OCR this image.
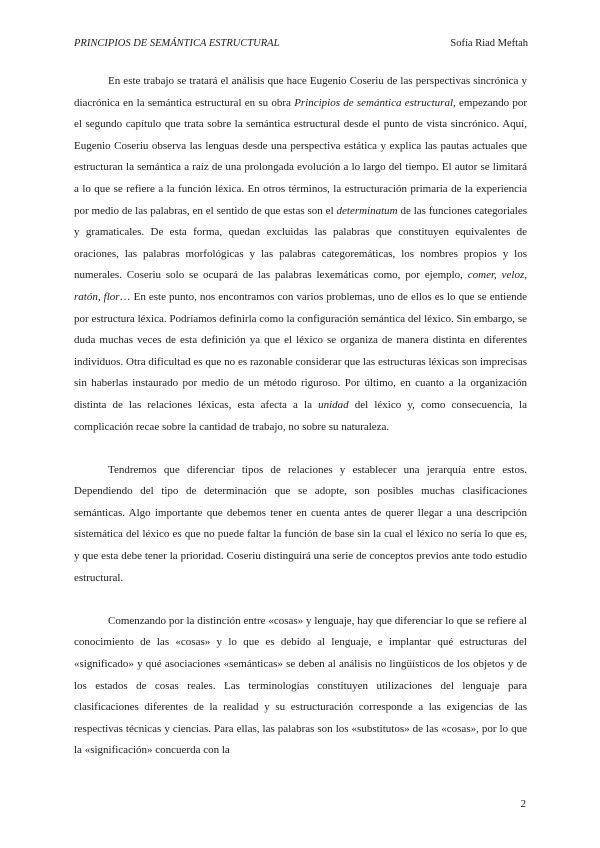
PRINCIPIOS DE SEMÁNTICA ESTRUCTURAL	Sofía Riad Meftah

En este trabajo se tratará el análisis que hace Eugenio Coseriu de las perspectivas sincrónica y diacrónica en la semántica estructural en su obra Principios de semántica estructural, empezando por el segundo capítulo que trata sobre la semántica estructural desde el punto de vista sincrónico. Aquí, Eugenio Coseriu observa las lenguas desde una perspectiva estática y explica las pautas actuales que estructuran la semántica a raíz de una prolongada evolución a lo largo del tiempo. El autor se limitará a lo que se refiere a la función léxica. En otros términos, la estructuración primaria de la experiencia por medio de las palabras, en el sentido de que estas son el determinatum de las funciones categoriales y gramaticales. De esta forma, quedan excluidas las palabras que constituyen equivalentes de oraciones, las palabras morfológicas y las palabras categoremáticas, los nombres propios y los numerales. Coseriu solo se ocupará de las palabras lexemáticas como, por ejemplo, comer, veloz, ratón, flor… En este punto, nos encontramos con varios problemas, uno de ellos es lo que se entiende por estructura léxica. Podríamos definirla como la configuración semántica del léxico. Sin embargo, se duda muchas veces de esta definición ya que el léxico se organiza de manera distinta en diferentes individuos. Otra dificultad es que no es razonable considerar que las estructuras léxicas son imprecisas sin haberlas instaurado por medio de un método riguroso. Por último, en cuanto a la organización distinta de las relaciones léxicas, esta afecta a la unidad del léxico y, como consecuencia, la complicación recae sobre la cantidad de trabajo, no sobre su naturaleza.

Tendremos que diferenciar tipos de relaciones y establecer una jerarquía entre estos. Dependiendo del tipo de determinación que se adopte, son posibles muchas clasificaciones semánticas. Algo importante que debemos tener en cuenta antes de querer llegar a una descripción sistemática del léxico es que no puede faltar la función de base sin la cual el léxico no sería lo que es, y que esta debe tener la prioridad. Coseriu distinguirá una serie de conceptos previos ante todo estudio estructural.

Comenzando por la distinción entre «cosas» y lenguaje, hay que diferenciar lo que se refiere al conocimiento de las «cosas» y lo que es debido al lenguaje, e implantar qué estructuras del «significado» y qué asociaciones «semánticas» se deben al análisis no lingüísticos de los objetos y de los estados de cosas reales. Las terminologías constituyen utilizaciones del lenguaje para clasificaciones diferentes de la realidad y su estructuración corresponde a las exigencias de las respectivas técnicas y ciencias. Para ellas, las palabras son los «substitutos» de las «cosas», por lo que la «significación» concuerda con la

2
